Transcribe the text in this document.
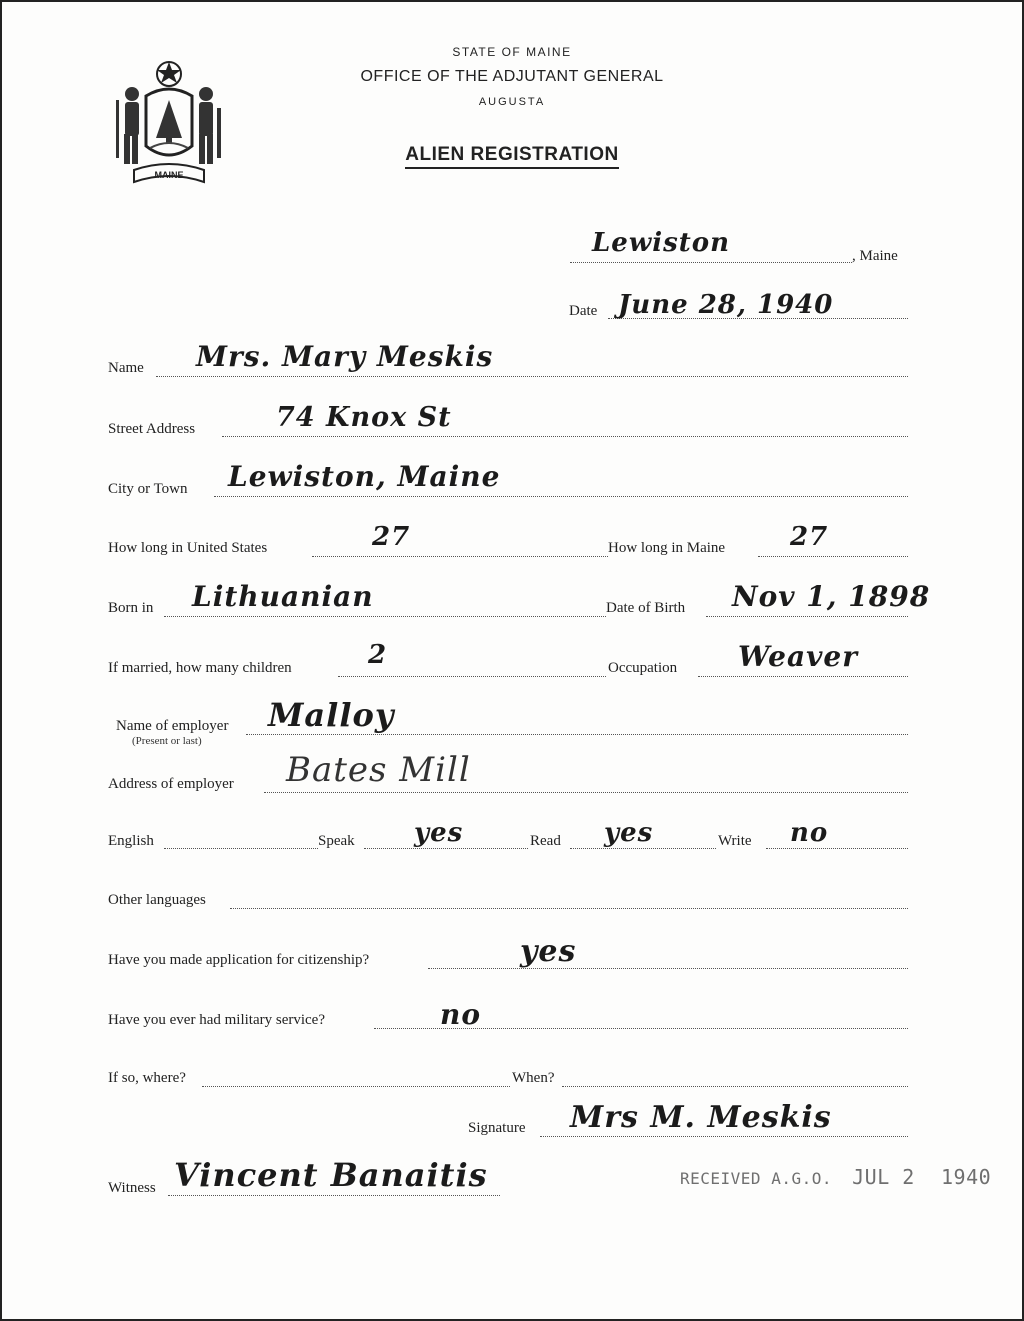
MAINE
STATE OF MAINE
OFFICE OF THE ADJUTANT GENERAL
AUGUSTA
ALIEN REGISTRATION
Lewiston	, Maine
Date June 28, 1940
Name Mrs. Mary Meskis
Street Address	74 Knox St
City or Town Lewiston, Maine
How long in United States	27	How long in Maine 27
Born in Lithuanian	Date of Birth Nov 1, 1898
If married, how many children	2	Occupation Weaver
Name of employer
(Present or last)
Malloy
Address of employer Bates Mill
English	Speak yes	Read yes	Write no
Other languages
Have you made application for citizenship?	yes
Have you ever had military service?	no
If so, where?	When?
Signature Mrs M. Meskis
Witness Vincent Banaitis	RECEIVED A.G.O. JUL 2 1940
